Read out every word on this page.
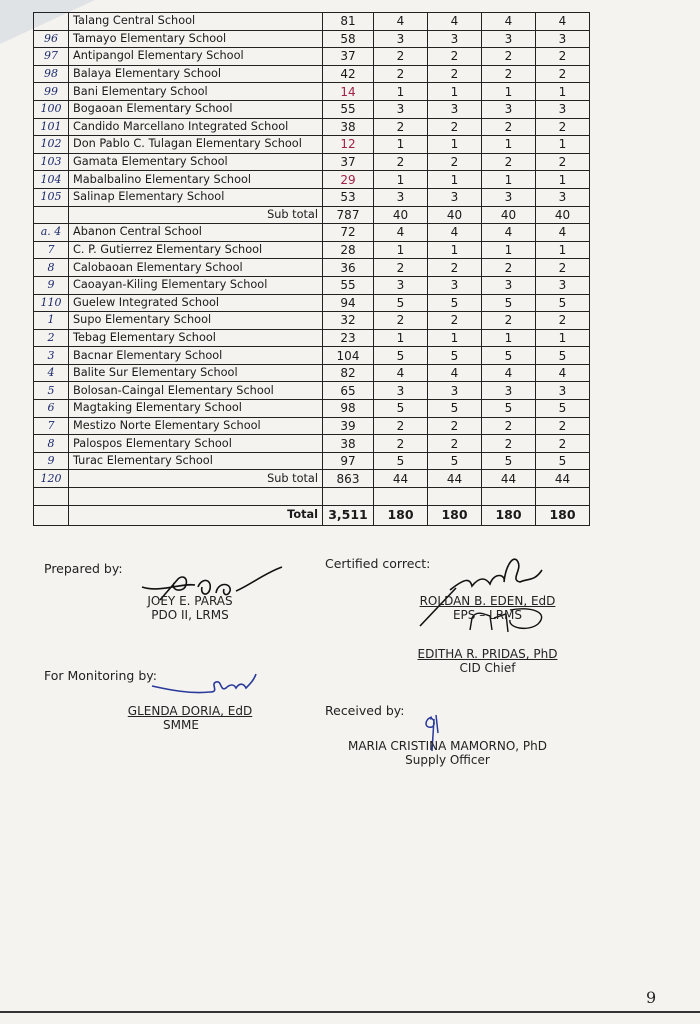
	Talang Central School	81	4	4	4	4
96	Tamayo Elementary School	58	3	3	3	3
97	Antipangol Elementary School	37	2	2	2	2
98	Balaya Elementary School	42	2	2	2	2
99	Bani Elementary School	14	1	1	1	1
100	Bogaoan Elementary School	55	3	3	3	3
101	Candido Marcellano Integrated School	38	2	2	2	2
102	Don Pablo C. Tulagan Elementary School	12	1	1	1	1
103	Gamata Elementary School	37	2	2	2	2
104	Mabalbalino Elementary School	29	1	1	1	1
105	Salinap Elementary School	53	3	3	3	3
	Sub total	787	40	40	40	40
a. 4	Abanon Central School	72	4	4	4	4
7	C. P. Gutierrez Elementary School	28	1	1	1	1
8	Calobaoan Elementary School	36	2	2	2	2
9	Caoayan-Kiling Elementary School	55	3	3	3	3
110	Guelew Integrated School	94	5	5	5	5
1	Supo Elementary School	32	2	2	2	2
2	Tebag Elementary School	23	1	1	1	1
3	Bacnar Elementary School	104	5	5	5	5
4	Balite Sur Elementary School	82	4	4	4	4
5	Bolosan-Caingal Elementary School	65	3	3	3	3
6	Magtaking Elementary School	98	5	5	5	5
7	Mestizo Norte Elementary School	39	2	2	2	2
8	Palospos Elementary School	38	2	2	2	2
9	Turac Elementary School	97	5	5	5	5
120	Sub total	863	44	44	44	44

	Total	3,511	180	180	180	180
Prepared by:
JOEY E. PARAS
PDO II, LRMS
Certified correct:
ROLDAN B. EDEN, EdD
EPS – LRMS
EDITHA R. PRIDAS, PhD
CID Chief
For Monitoring by:
GLENDA DORIA, EdD
SMME
Received by:
MARIA CRISTINA MAMORNO, PhD
Supply Officer
9
